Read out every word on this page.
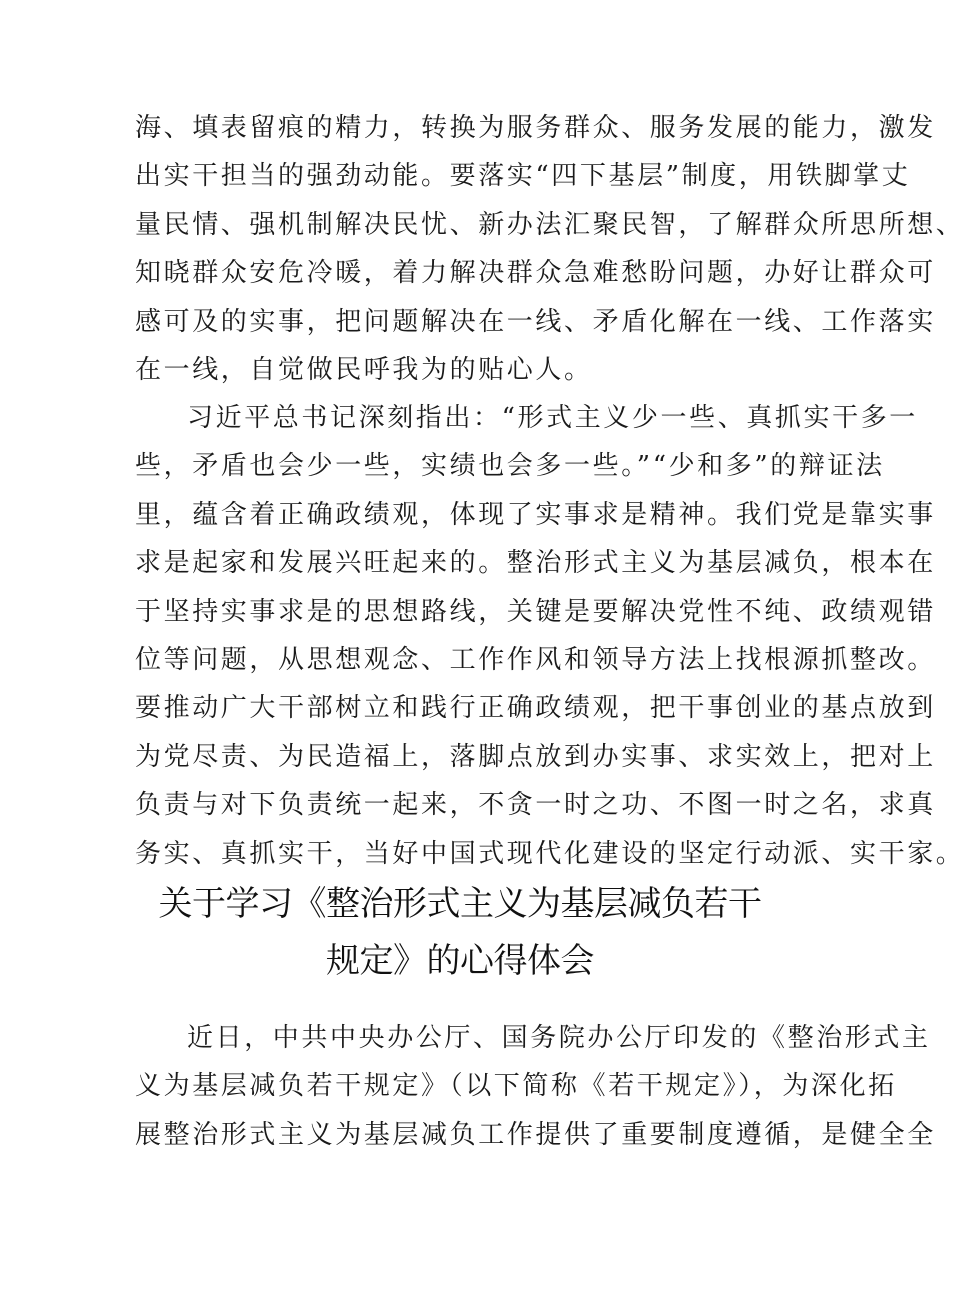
海、填表留痕的精力，转换为服务群众、服务发展的能力，激发
出实干担当的强劲动能。要落实“四下基层”制度，用铁脚掌丈
量民情、强机制解决民忧、新办法汇聚民智，了解群众所思所想、
知晓群众安危冷暖，着力解决群众急难愁盼问题，办好让群众可
感可及的实事，把问题解决在一线、矛盾化解在一线、工作落实
在一线，自觉做民呼我为的贴心人。
习近平总书记深刻指出：“形式主义少一些、真抓实干多一
些，矛盾也会少一些，实绩也会多一些。”“少和多”的辩证法
里，蕴含着正确政绩观，体现了实事求是精神。我们党是靠实事
求是起家和发展兴旺起来的。整治形式主义为基层减负，根本在
于坚持实事求是的思想路线，关键是要解决党性不纯、政绩观错
位等问题，从思想观念、工作作风和领导方法上找根源抓整改。
要推动广大干部树立和践行正确政绩观，把干事创业的基点放到
为党尽责、为民造福上，落脚点放到办实事、求实效上，把对上
负责与对下负责统一起来，不贪一时之功、不图一时之名，求真
务实、真抓实干，当好中国式现代化建设的坚定行动派、实干家。
关于学习《整治形式主义为基层减负若干
规定》的心得体会
近日，中共中央办公厅、国务院办公厅印发的《整治形式主
义为基层减负若干规定》（以下简称《若干规定》），为深化拓
展整治形式主义为基层减负工作提供了重要制度遵循，是健全全
